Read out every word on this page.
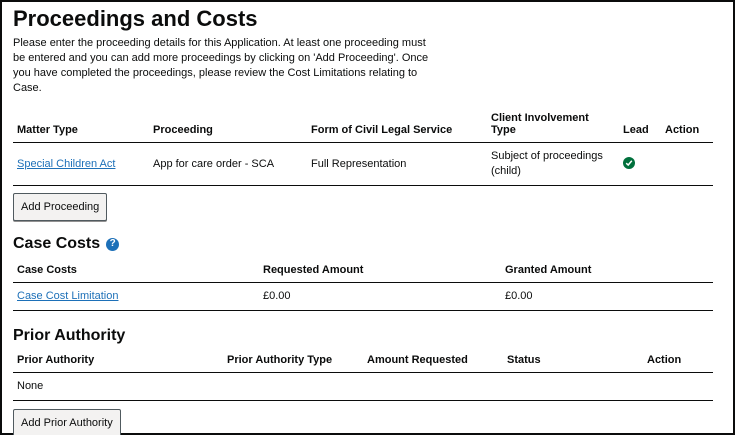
Proceedings and Costs

Please enter the proceeding details for this Application. At least one proceeding must be entered and you can add more proceedings by clicking on 'Add Proceeding'. Once you have completed the proceedings, please review the Cost Limitations relating to Case.

Matter Type	Proceeding	Form of Civil Legal Service	Client Involvement Type	Lead	Action
Special Children Act	App for care order - SCA	Full Representation	Subject of proceedings (child)	

Add Proceeding
Case Costs ?
Case Costs	Requested Amount	Granted Amount
Case Cost Limitation	£0.00	£0.00
Prior Authority
Prior Authority	Prior Authority Type	Amount Requested	Status	Action
None
Add Prior Authority
